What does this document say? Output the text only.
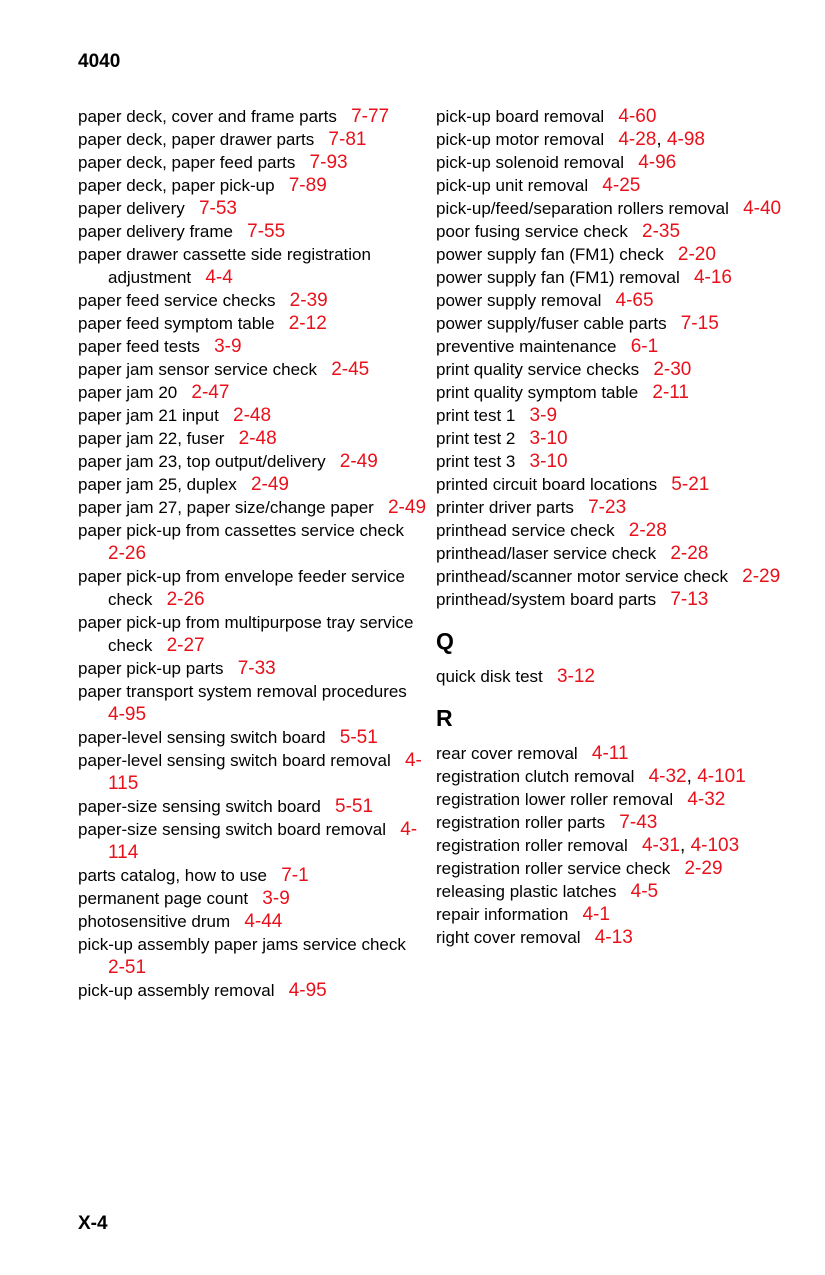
4040
paper deck, cover and frame parts 7-77
paper deck, paper drawer parts 7-81
paper deck, paper feed parts 7-93
paper deck, paper pick-up 7-89
paper delivery 7-53
paper delivery frame 7-55
paper drawer cassette side registration adjustment 4-4
paper feed service checks 2-39
paper feed symptom table 2-12
paper feed tests 3-9
paper jam sensor service check 2-45
paper jam 20 2-47
paper jam 21 input 2-48
paper jam 22, fuser 2-48
paper jam 23, top output/delivery 2-49
paper jam 25, duplex 2-49
paper jam 27, paper size/change paper 2-49
paper pick-up from cassettes service check   2-26
paper pick-up from envelope feeder service check 2-26
paper pick-up from multipurpose tray service check 2-27
paper pick-up parts 7-33
paper transport system removal procedures   4-95
paper-level sensing switch board 5-51
paper-level sensing switch board removal 4-115
paper-size sensing switch board 5-51
paper-size sensing switch board removal 4-114
parts catalog, how to use 7-1
permanent page count 3-9
photosensitive drum 4-44
pick-up assembly paper jams service check   2-51
pick-up assembly removal 4-95
pick-up board removal 4-60
pick-up motor removal 4-28, 4-98
pick-up solenoid removal 4-96
pick-up unit removal 4-25
pick-up/feed/separation rollers removal 4-40
poor fusing service check 2-35
power supply fan (FM1) check 2-20
power supply fan (FM1) removal 4-16
power supply removal 4-65
power supply/fuser cable parts 7-15
preventive maintenance 6-1
print quality service checks 2-30
print quality symptom table 2-11
print test 1 3-9
print test 2 3-10
print test 3 3-10
printed circuit board locations 5-21
printer driver parts 7-23
printhead service check 2-28
printhead/laser service check 2-28
printhead/scanner motor service check 2-29
printhead/system board parts 7-13
Q
quick disk test 3-12
R
rear cover removal 4-11
registration clutch removal 4-32, 4-101
registration lower roller removal 4-32
registration roller parts 7-43
registration roller removal 4-31, 4-103
registration roller service check 2-29
releasing plastic latches 4-5
repair information 4-1
right cover removal 4-13
X-4
